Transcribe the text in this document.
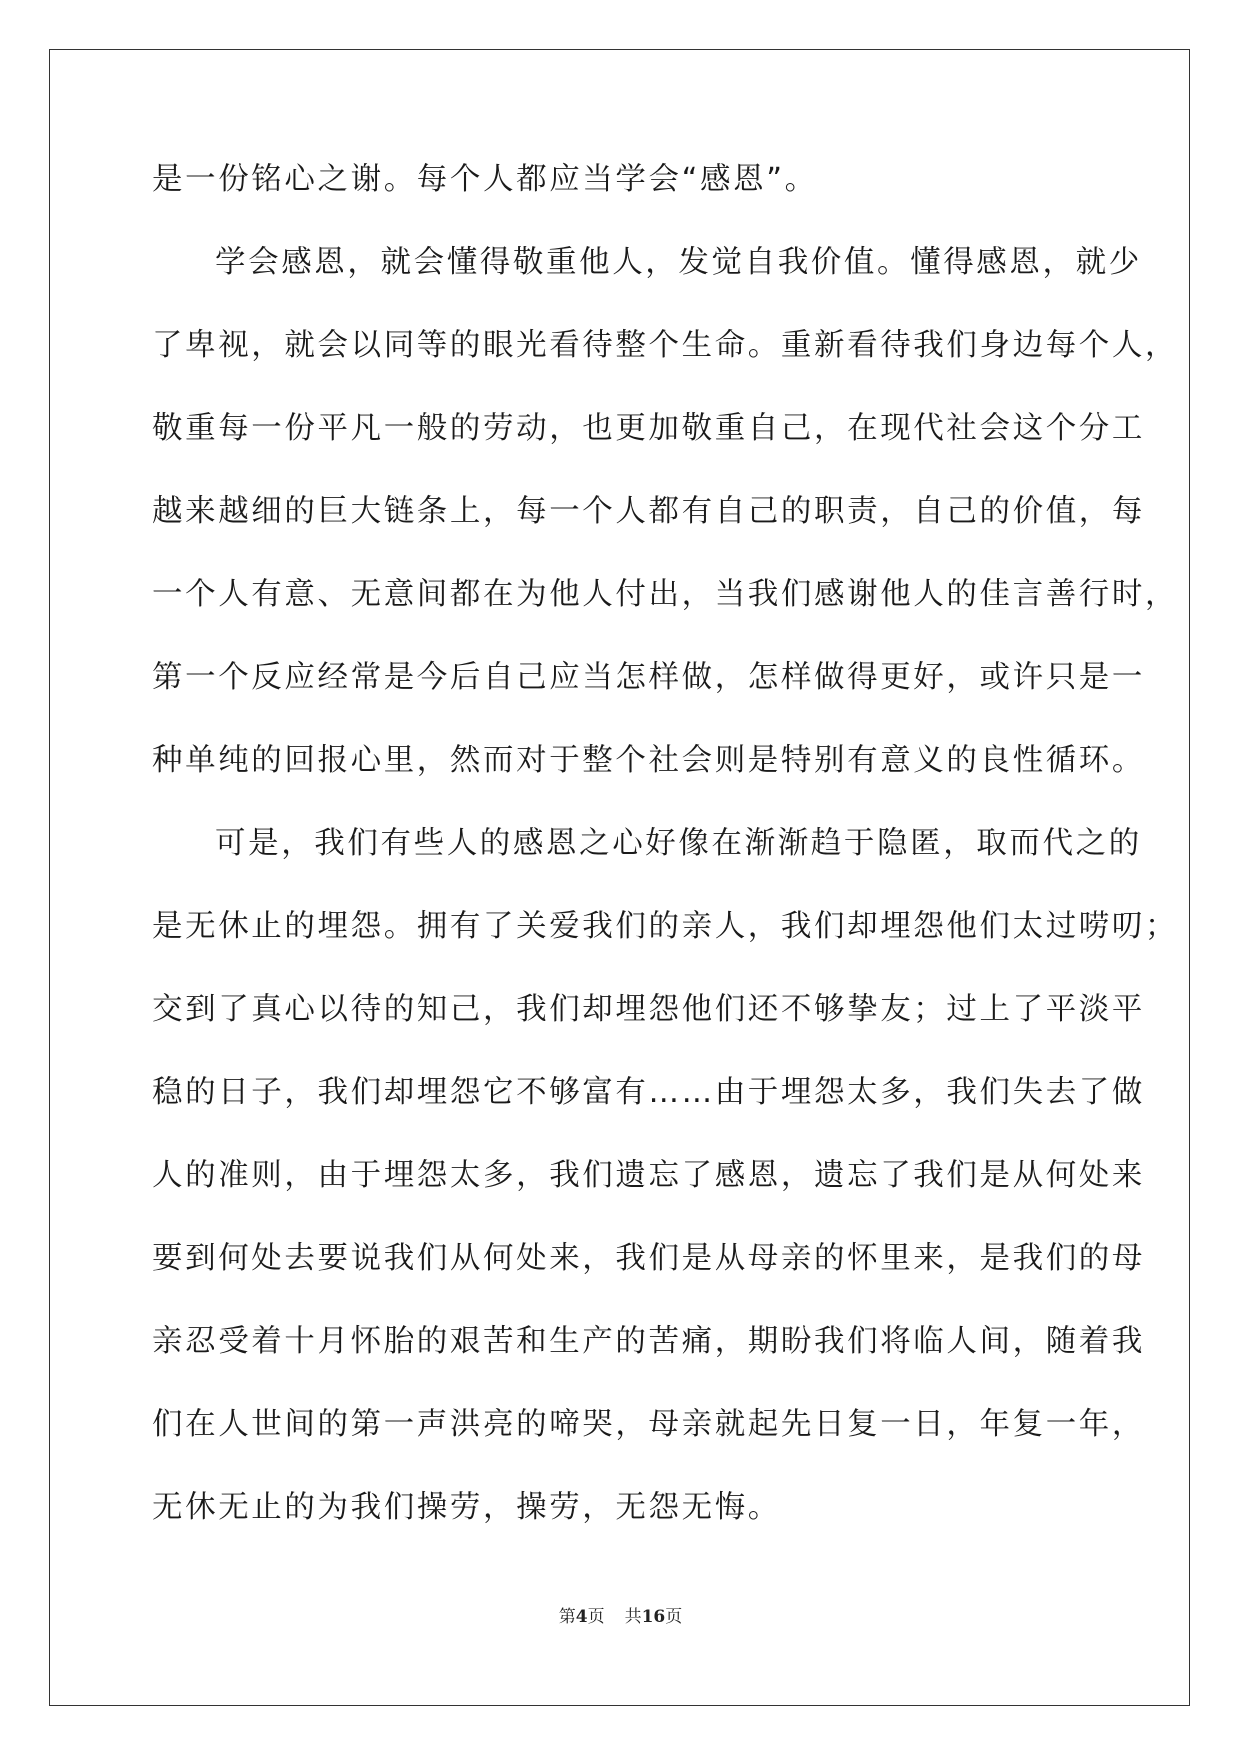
是一份铭心之谢。每个人都应当学会“感恩”。
学会感恩，就会懂得敬重他人，发觉自我价值。懂得感恩，就少
了卑视，就会以同等的眼光看待整个生命。重新看待我们身边每个人，
敬重每一份平凡一般的劳动，也更加敬重自己，在现代社会这个分工
越来越细的巨大链条上，每一个人都有自己的职责，自己的价值，每
一个人有意、无意间都在为他人付出，当我们感谢他人的佳言善行时，
第一个反应经常是今后自己应当怎样做，怎样做得更好，或许只是一
种单纯的回报心里，然而对于整个社会则是特别有意义的良性循环。
可是，我们有些人的感恩之心好像在渐渐趋于隐匿，取而代之的
是无休止的埋怨。拥有了关爱我们的亲人，我们却埋怨他们太过唠叨；
交到了真心以待的知己，我们却埋怨他们还不够挚友；过上了平淡平
稳的日子，我们却埋怨它不够富有……由于埋怨太多，我们失去了做
人的准则，由于埋怨太多，我们遗忘了感恩，遗忘了我们是从何处来
要到何处去要说我们从何处来，我们是从母亲的怀里来，是我们的母
亲忍受着十月怀胎的艰苦和生产的苦痛，期盼我们将临人间，随着我
们在人世间的第一声洪亮的啼哭，母亲就起先日复一日，年复一年，
无休无止的为我们操劳，操劳，无怨无悔。
第4页 共16页
